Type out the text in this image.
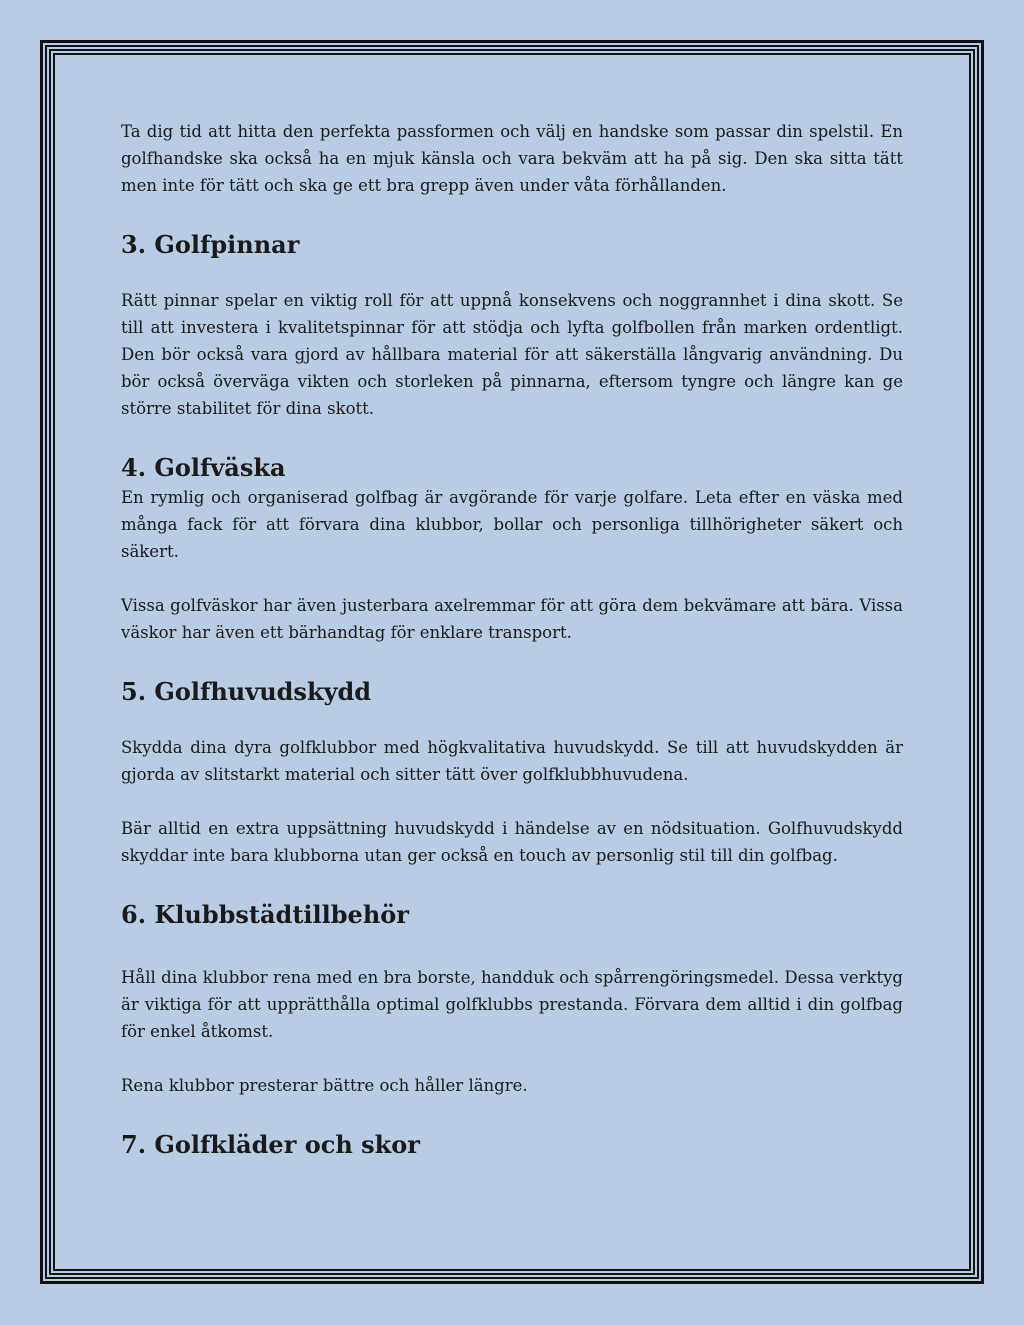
Ta dig tid att hitta den perfekta passformen och välj en handske som passar din spelstil. En golfhandske ska också ha en mjuk känsla och vara bekväm att ha på sig. Den ska sitta tätt men inte för tätt och ska ge ett bra grepp även under våta förhållanden.

3. Golfpinnar

Rätt pinnar spelar en viktig roll för att uppnå konsekvens och noggrannhet i dina skott. Se till att investera i kvalitetspinnar för att stödja och lyfta golfbollen från marken ordentligt. Den bör också vara gjord av hållbara material för att säkerställa långvarig användning. Du bör också överväga vikten och storleken på pinnarna, eftersom tyngre och längre kan ge större stabilitet för dina skott.

4. Golfväska

En rymlig och organiserad golfbag är avgörande för varje golfare. Leta efter en väska med många fack för att förvara dina klubbor, bollar och personliga tillhörigheter säkert och säkert.

Vissa golfväskor har även justerbara axelremmar för att göra dem bekvämare att bära. Vissa väskor har även ett bärhandtag för enklare transport.

5. Golfhuvudskydd

Skydda dina dyra golfklubbor med högkvalitativa huvudskydd. Se till att huvudskydden är gjorda av slitstarkt material och sitter tätt över golfklubbhuvudena.

Bär alltid en extra uppsättning huvudskydd i händelse av en nödsituation. Golfhuvudskydd skyddar inte bara klubborna utan ger också en touch av personlig stil till din golfbag.

6. Klubbstädtillbehör

Håll dina klubbor rena med en bra borste, handduk och spårrengöringsmedel. Dessa verktyg är viktiga för att upprätthålla optimal golfklubbs prestanda. Förvara dem alltid i din golfbag för enkel åtkomst.

Rena klubbor presterar bättre och håller längre.

7. Golfkläder och skor
